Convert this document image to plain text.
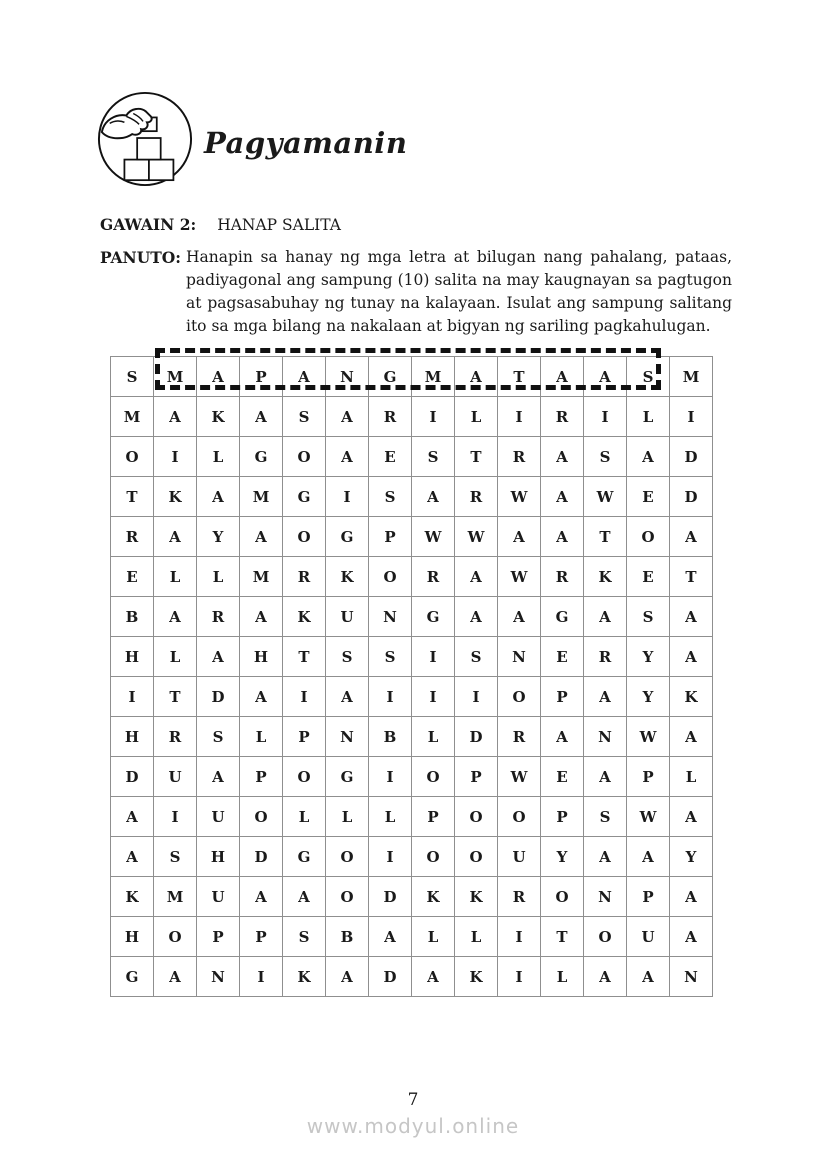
Pagyamanin
GAWAIN 2: HANAP SALITA
PANUTO: Hanapin sa hanay ng mga letra at bilugan nang pahalang, pataas, padiyagonal ang sampung (10) salita na may kaugnayan sa pagtugon at pagsasabuhay ng tunay na kalayaan. Isulat ang sampung salitang ito sa mga bilang na nakalaan at bigyan ng sariling pagkahulugan.
S	M	A	P	A	N	G	M	A	T	A	A	S	M
M	A	K	A	S	A	R	I	L	I	R	I	L	I
O	I	L	G	O	A	E	S	T	R	A	S	A	D
T	K	A	M	G	I	S	A	R	W	A	W	E	D
R	A	Y	A	O	G	P	W	W	A	A	T	O	A
E	L	L	M	R	K	O	R	A	W	R	K	E	T
B	A	R	A	K	U	N	G	A	A	G	A	S	A
H	L	A	H	T	S	S	I	S	N	E	R	Y	A
I	T	D	A	I	A	I	I	I	O	P	A	Y	K
H	R	S	L	P	N	B	L	D	R	A	N	W	A
D	U	A	P	O	G	I	O	P	W	E	A	P	L
A	I	U	O	L	L	L	P	O	O	P	S	W	A
A	S	H	D	G	O	I	O	O	U	Y	A	A	Y
K	M	U	A	A	O	D	K	K	R	O	N	P	A
H	O	P	P	S	B	A	L	L	I	T	O	U	A
G	A	N	I	K	A	D	A	K	I	L	A	A	N
7
www.modyul.online
